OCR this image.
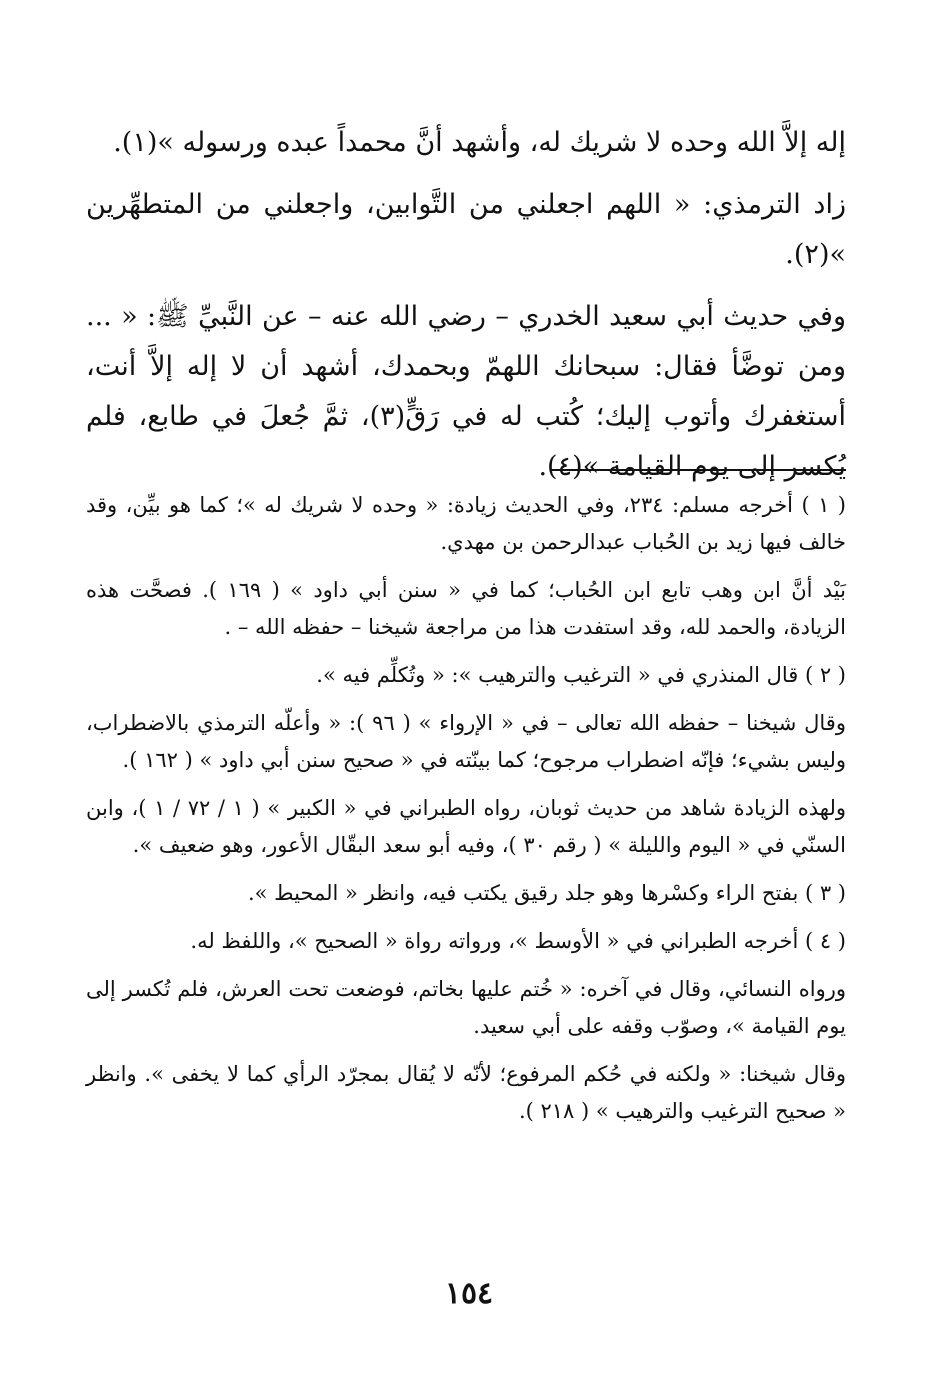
إله إلاَّ الله وحده لا شريك له، وأشهد أنَّ محمداً عبده ورسوله »(١).

زاد الترمذي: « اللهم اجعلني من التَّوابين، واجعلني من المتطهِّرين »(٢).

وفي حديث أبي سعيد الخدري – رضي الله عنه – عن النَّبيِّ ﷺ: « ... ومن توضَّأ فقال: سبحانك اللهمّ وبحمدك، أشهد أن لا إله إلاَّ أنت، أستغفرك وأتوب إليك؛ كُتب له في رَقٍّ(٣)، ثمَّ جُعلَ في طابع، فلم يُكسر إلى يوم القيامة »(٤).

( ١ ) أخرجه مسلم: ٢٣٤، وفي الحديث زيادة: « وحده لا شريك له »؛ كما هو بيِّن، وقد خالف فيها زيد بن الحُباب عبدالرحمن بن مهدي.

بَيْد أنَّ ابن وهب تابع ابن الحُباب؛ كما في « سنن أبي داود » ( ١٦٩ ). فصحَّت هذه الزيادة، والحمد لله، وقد استفدت هذا من مراجعة شيخنا – حفظه الله – .

( ٢ ) قال المنذري في « الترغيب والترهيب »: « وتُكلِّم فيه ».

وقال شيخنا – حفظه الله تعالى – في « الإرواء » ( ٩٦ ): « وأعلّه الترمذي بالاضطراب، وليس بشيء؛ فإنّه اضطراب مرجوح؛ كما بينّته في « صحيح سنن أبي داود » ( ١٦٢ ).

ولهذه الزيادة شاهد من حديث ثوبان، رواه الطبراني في « الكبير » ( ١ / ٧٢ / ١ )، وابن السنّي في « اليوم والليلة » ( رقم ٣٠ )، وفيه أبو سعد البقّال الأعور، وهو ضعيف ».

( ٣ ) بفتح الراء وكسْرها وهو جلد رقيق يكتب فيه، وانظر « المحيط ».

( ٤ ) أخرجه الطبراني في « الأوسط »، ورواته رواة « الصحيح »، واللفظ له.

ورواه النسائي، وقال في آخره: « خُتم عليها بخاتم، فوضعت تحت العرش، فلم تُكسر إلى يوم القيامة »، وصوّب وقفه على أبي سعيد.

وقال شيخنا: « ولكنه في حُكم المرفوع؛ لأنّه لا يُقال بمجرّد الرأي كما لا يخفى ». وانظر « صحيح الترغيب والترهيب » ( ٢١٨ ).

١٥٤
